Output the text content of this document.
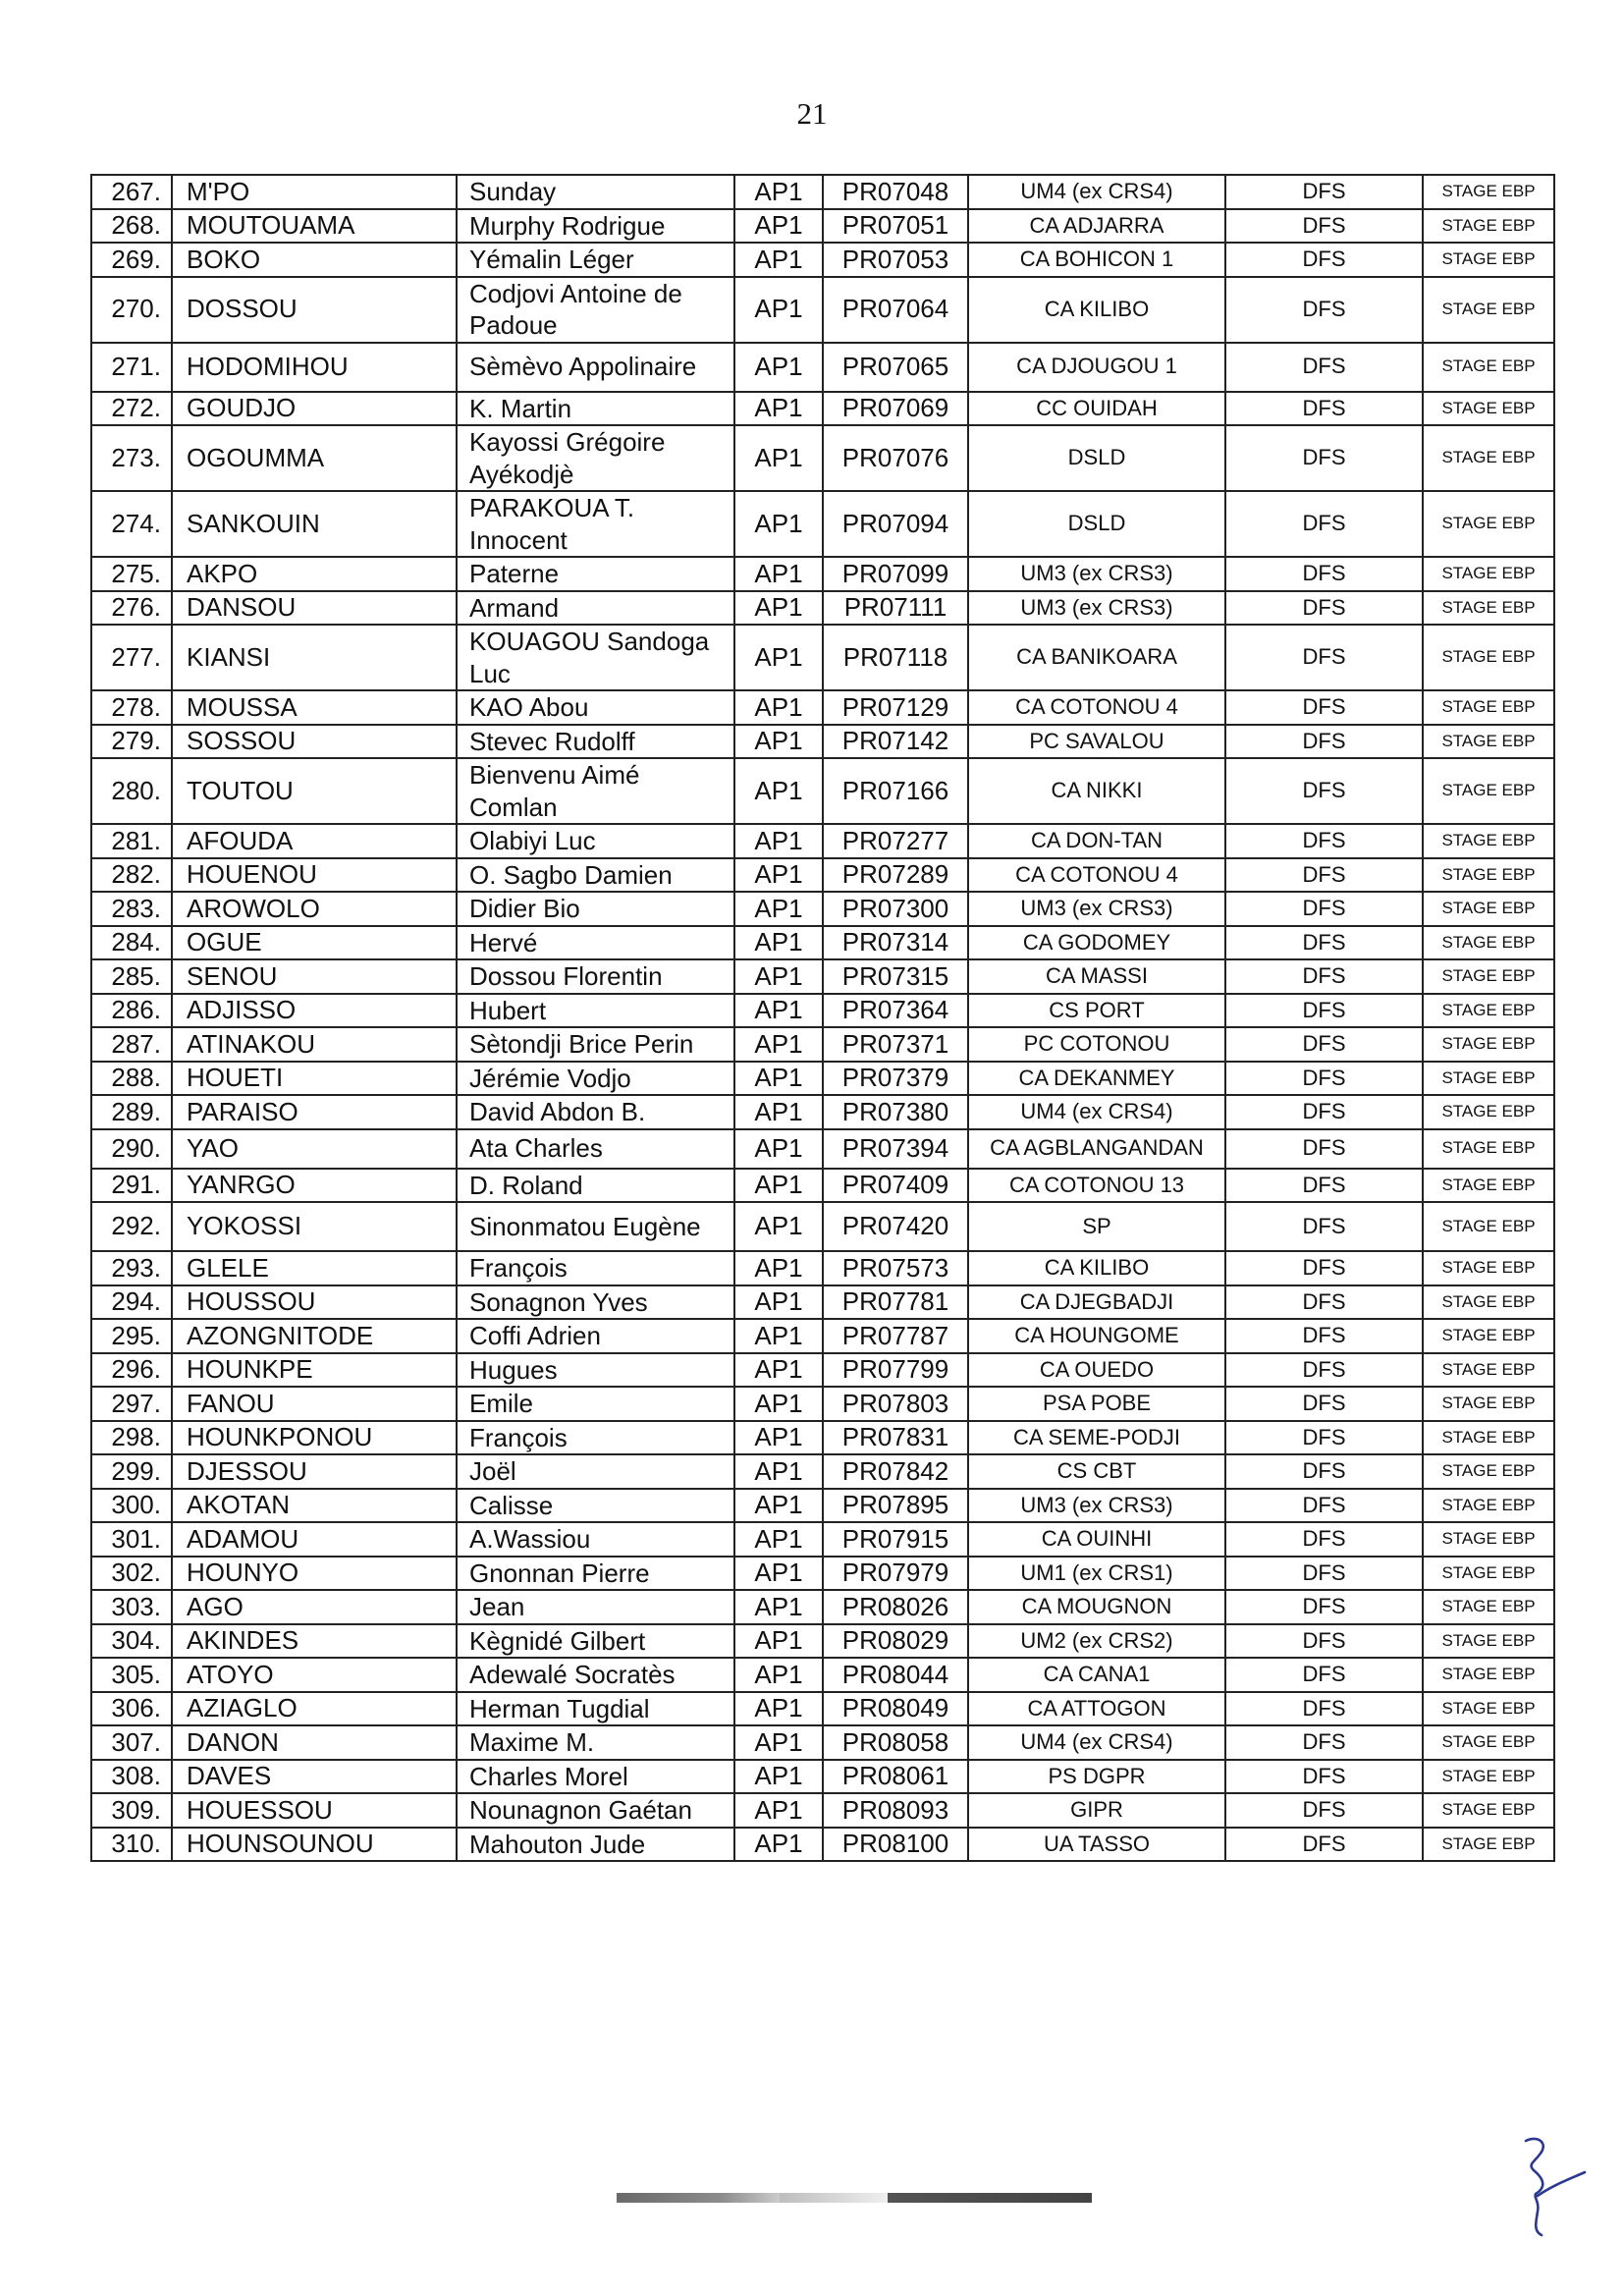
21
267.	M'PO	Sunday	AP1	PR07048	UM4 (ex CRS4)	DFS	STAGE EBP
268.	MOUTOUAMA	Murphy Rodrigue	AP1	PR07051	CA ADJARRA	DFS	STAGE EBP
269.	BOKO	Yémalin Léger	AP1	PR07053	CA BOHICON 1	DFS	STAGE EBP
270.	DOSSOU	Codjovi Antoine de Padoue	AP1	PR07064	CA KILIBO	DFS	STAGE EBP
271.	HODOMIHOU	Sèmèvo Appolinaire	AP1	PR07065	CA DJOUGOU 1	DFS	STAGE EBP
272.	GOUDJO	K. Martin	AP1	PR07069	CC OUIDAH	DFS	STAGE EBP
273.	OGOUMMA	Kayossi Grégoire Ayékodjè	AP1	PR07076	DSLD	DFS	STAGE EBP
274.	SANKOUIN	PARAKOUA T. Innocent	AP1	PR07094	DSLD	DFS	STAGE EBP
275.	AKPO	Paterne	AP1	PR07099	UM3 (ex CRS3)	DFS	STAGE EBP
276.	DANSOU	Armand	AP1	PR07111	UM3 (ex CRS3)	DFS	STAGE EBP
277.	KIANSI	KOUAGOU Sandoga Luc	AP1	PR07118	CA BANIKOARA	DFS	STAGE EBP
278.	MOUSSA	KAO Abou	AP1	PR07129	CA COTONOU 4	DFS	STAGE EBP
279.	SOSSOU	Stevec Rudolff	AP1	PR07142	PC SAVALOU	DFS	STAGE EBP
280.	TOUTOU	Bienvenu Aimé Comlan	AP1	PR07166	CA NIKKI	DFS	STAGE EBP
281.	AFOUDA	Olabiyi Luc	AP1	PR07277	CA DON-TAN	DFS	STAGE EBP
282.	HOUENOU	O. Sagbo Damien	AP1	PR07289	CA COTONOU 4	DFS	STAGE EBP
283.	AROWOLO	Didier Bio	AP1	PR07300	UM3 (ex CRS3)	DFS	STAGE EBP
284.	OGUE	Hervé	AP1	PR07314	CA GODOMEY	DFS	STAGE EBP
285.	SENOU	Dossou Florentin	AP1	PR07315	CA MASSI	DFS	STAGE EBP
286.	ADJISSO	Hubert	AP1	PR07364	CS PORT	DFS	STAGE EBP
287.	ATINAKOU	Sètondji Brice Perin	AP1	PR07371	PC COTONOU	DFS	STAGE EBP
288.	HOUETI	Jérémie Vodjo	AP1	PR07379	CA DEKANMEY	DFS	STAGE EBP
289.	PARAISO	David Abdon B.	AP1	PR07380	UM4 (ex CRS4)	DFS	STAGE EBP
290.	YAO	Ata Charles	AP1	PR07394	CA AGBLANGANDAN	DFS	STAGE EBP
291.	YANRGO	D. Roland	AP1	PR07409	CA COTONOU 13	DFS	STAGE EBP
292.	YOKOSSI	Sinonmatou Eugène	AP1	PR07420	SP	DFS	STAGE EBP
293.	GLELE	François	AP1	PR07573	CA KILIBO	DFS	STAGE EBP
294.	HOUSSOU	Sonagnon Yves	AP1	PR07781	CA DJEGBADJI	DFS	STAGE EBP
295.	AZONGNITODE	Coffi Adrien	AP1	PR07787	CA HOUNGOME	DFS	STAGE EBP
296.	HOUNKPE	Hugues	AP1	PR07799	CA OUEDO	DFS	STAGE EBP
297.	FANOU	Emile	AP1	PR07803	PSA POBE	DFS	STAGE EBP
298.	HOUNKPONOU	François	AP1	PR07831	CA SEME-PODJI	DFS	STAGE EBP
299.	DJESSOU	Joël	AP1	PR07842	CS CBT	DFS	STAGE EBP
300.	AKOTAN	Calisse	AP1	PR07895	UM3 (ex CRS3)	DFS	STAGE EBP
301.	ADAMOU	A.Wassiou	AP1	PR07915	CA OUINHI	DFS	STAGE EBP
302.	HOUNYO	Gnonnan Pierre	AP1	PR07979	UM1 (ex CRS1)	DFS	STAGE EBP
303.	AGO	Jean	AP1	PR08026	CA MOUGNON	DFS	STAGE EBP
304.	AKINDES	Kègnidé Gilbert	AP1	PR08029	UM2 (ex CRS2)	DFS	STAGE EBP
305.	ATOYO	Adewalé Socratès	AP1	PR08044	CA CANA1	DFS	STAGE EBP
306.	AZIAGLO	Herman Tugdial	AP1	PR08049	CA ATTOGON	DFS	STAGE EBP
307.	DANON	Maxime M.	AP1	PR08058	UM4 (ex CRS4)	DFS	STAGE EBP
308.	DAVES	Charles Morel	AP1	PR08061	PS DGPR	DFS	STAGE EBP
309.	HOUESSOU	Nounagnon Gaétan	AP1	PR08093	GIPR	DFS	STAGE EBP
310.	HOUNSOUNOU	Mahouton Jude	AP1	PR08100	UA TASSO	DFS	STAGE EBP
